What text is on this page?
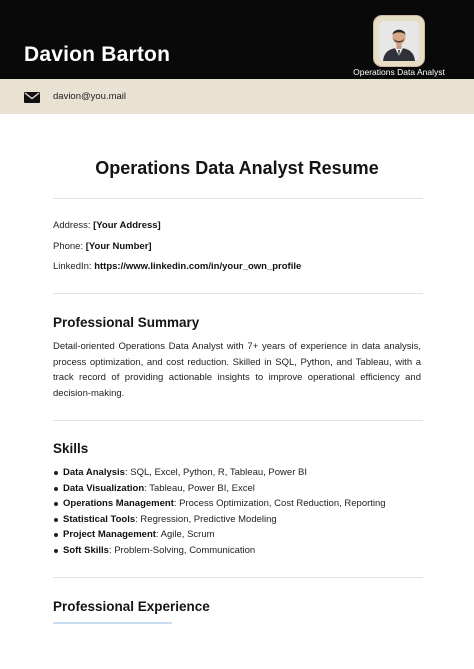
Davion Barton
Operations Data Analyst
davion@you.mail
Operations Data Analyst Resume
Address: [Your Address]
Phone: [Your Number]
LinkedIn: https://www.linkedin.com/in/your_own_profile
Professional Summary

Detail-oriented Operations Data Analyst with 7+ years of experience in data analysis, process optimization, and cost reduction. Skilled in SQL, Python, and Tableau, with a track record of providing actionable insights to improve operational efficiency and decision-making.

Skills
Data Analysis: SQL, Excel, Python, R, Tableau, Power BI
Data Visualization: Tableau, Power BI, Excel
Operations Management: Process Optimization, Cost Reduction, Reporting
Statistical Tools: Regression, Predictive Modeling
Project Management: Agile, Scrum
Soft Skills: Problem-Solving, Communication
Professional Experience
